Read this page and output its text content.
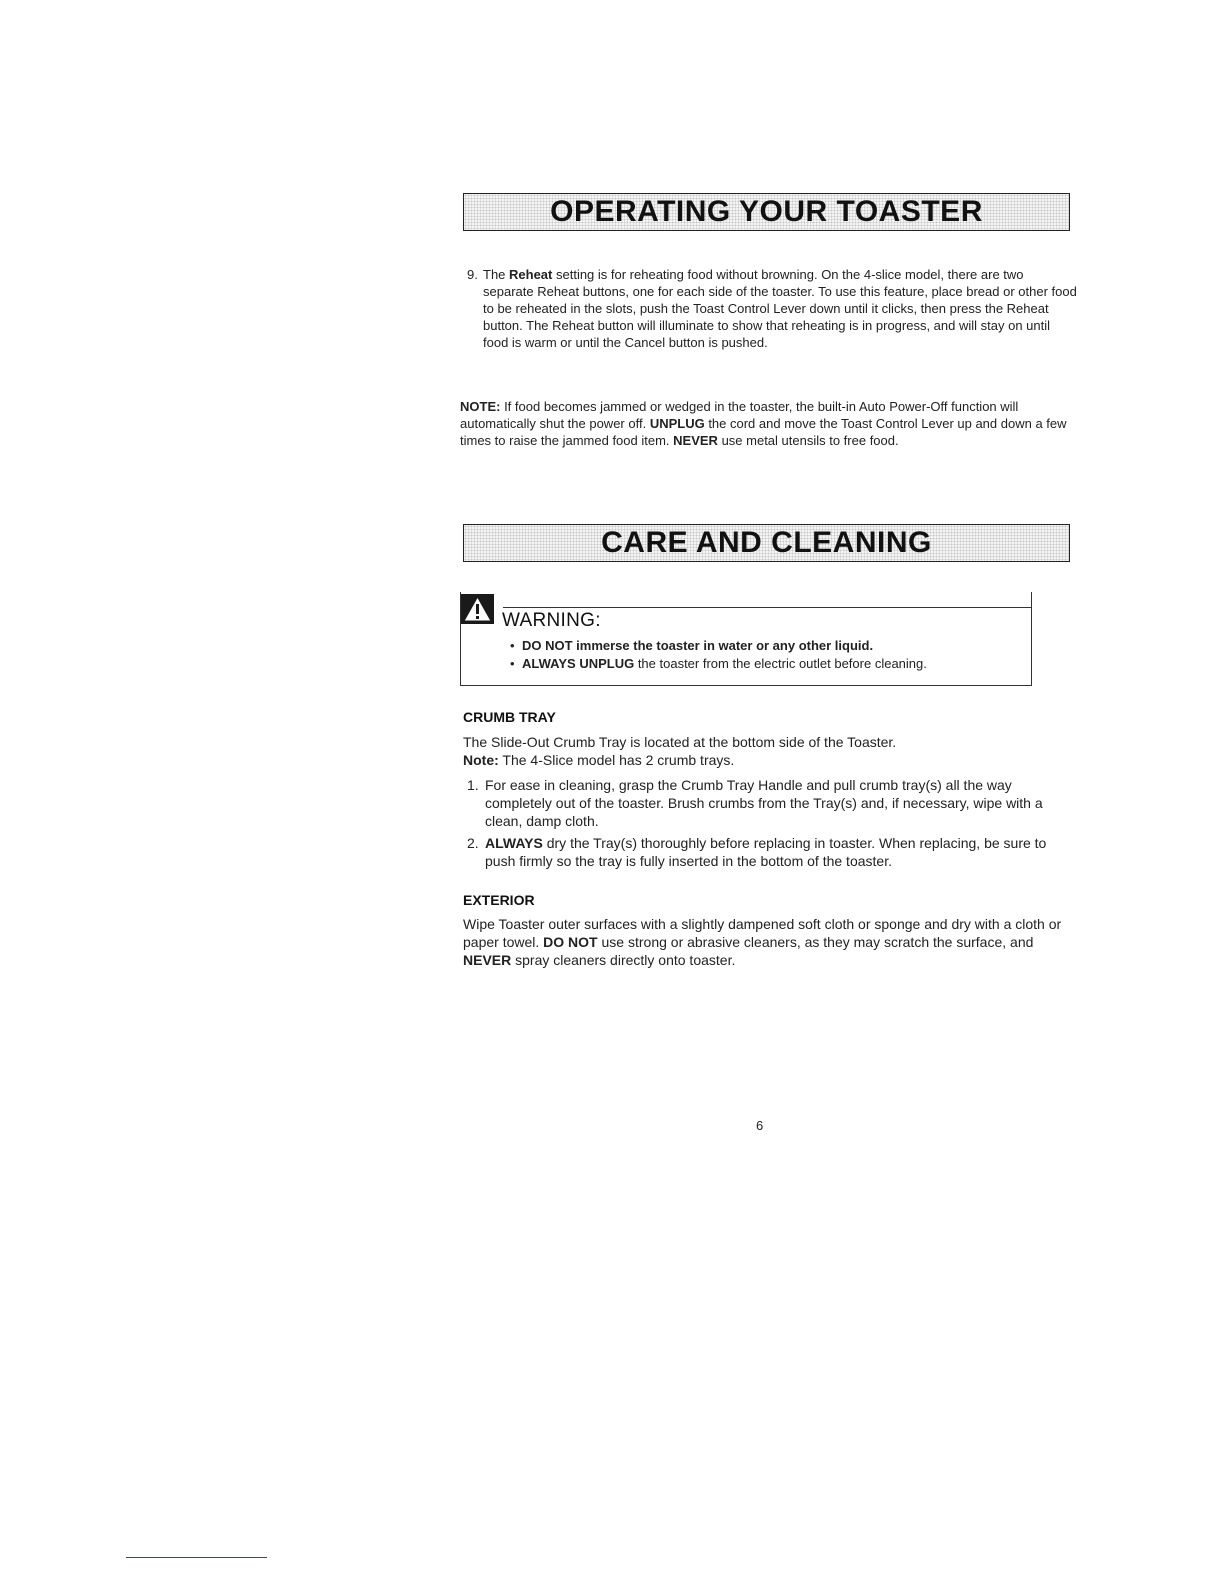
OPERATING YOUR TOASTER
9. The Reheat setting is for reheating food without browning. On the 4-slice model, there are two separate Reheat buttons, one for each side of the toaster. To use this feature, place bread or other food to be reheated in the slots, push the Toast Control Lever down until it clicks, then press the Reheat button. The Reheat button will illuminate to show that reheating is in progress, and will stay on until food is warm or until the Cancel button is pushed.
NOTE: If food becomes jammed or wedged in the toaster, the built-in Auto Power-Off function will automatically shut the power off. UNPLUG the cord and move the Toast Control Lever up and down a few times to raise the jammed food item. NEVER use metal utensils to free food.
CARE AND CLEANING
WARNING:
• DO NOT immerse the toaster in water or any other liquid.
• ALWAYS UNPLUG the toaster from the electric outlet before cleaning.
CRUMB TRAY
The Slide-Out Crumb Tray is located at the bottom side of the Toaster.
Note: The 4-Slice model has 2 crumb trays.
1. For ease in cleaning, grasp the Crumb Tray Handle and pull crumb tray(s) all the way completely out of the toaster. Brush crumbs from the Tray(s) and, if necessary, wipe with a clean, damp cloth.
2. ALWAYS dry the Tray(s) thoroughly before replacing in toaster. When replacing, be sure to push firmly so the tray is fully inserted in the bottom of the toaster.
EXTERIOR
Wipe Toaster outer surfaces with a slightly dampened soft cloth or sponge and dry with a cloth or paper towel. DO NOT use strong or abrasive cleaners, as they may scratch the surface, and NEVER spray cleaners directly onto toaster.
6
